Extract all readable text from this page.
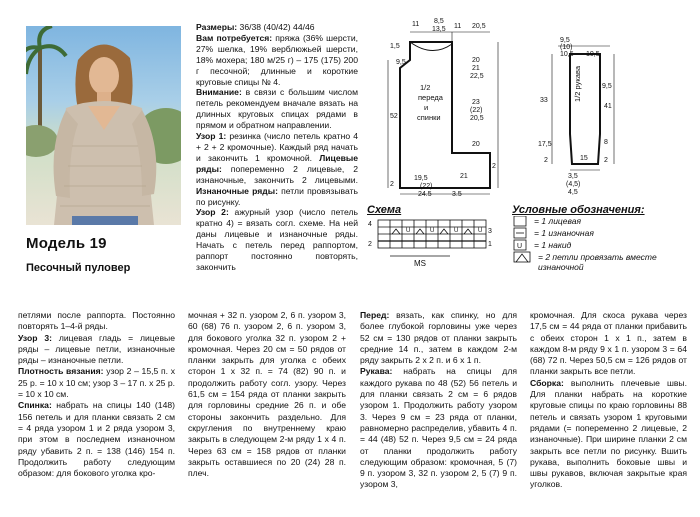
Модель 19
Песочный пуловер
Размеры: 36/38 (40/42) 44/46
Вам потребуется: пряжа (36% шерсти, 27% шелка, 19% верблюжьей шерсти, 18% мохера; 180 м/25 г) – 175 (175) 200 г песочной; длинные и короткие круговые спицы № 4.
Внимание: в связи с большим числом петель рекомендуем вначале вязать на длинных круговых спицах рядами в прямом и обратном направлении.
Узор 1: резинка (число петель кратно 4 + 2 + 2 кромочные). Каждый ряд начать и закончить 1 кромочной. Лицевые ряды: попеременно 2 лицевые, 2 изнаночные, закончить 2 лицевыми. Изнаночные ряды: петли провязывать по рисунку.
Узор 2: ажурный узор (число петель кратно 4) = вязать согл. схеме. На ней даны лицевые и изнаночные ряды. Начать с петель перед раппортом, раппорт постоянно повторять, закончить
11 8,5
13,5 11 20,5
1,5
9,5	20
21
22,5
23
(22)
20,5
20
2
52
1/2
переда
и
спинки
19,5
(22)
24,5
21
3,5
2
9,5
(10)
10,5 10,5
33
17,5
2
9,5
41
8
2
1/2 рукава
15
3,5
(4,5)
4,5
Схема
4
2
3
1
U	U	U	U
MS
Условные обозначения:
U
= 1 лицевая
= 1 изнаночная
= 1 накид
= 2 петли провязать вместе изнаночной
петлями после раппорта. Постоянно повторять 1–4-й ряды.
Узор 3: лицевая гладь = лицевые ряды – лицевые петли, изнаночные ряды – изнаночные петли.
Плотность вязания: узор 2 – 15,5 п. х 25 р. = 10 х 10 см; узор 3 – 17 п. х 25 р. = 10 х 10 см.
Спинка: набрать на спицы 140 (148) 156 петель и для планки связать 2 см = 4 ряда узором 1 и 2 ряда узором 3, при этом в последнем изнаночном ряду убавить 2 п. = 138 (146) 154 п. Продолжить работу следующим образом: для бокового уголка кро-
мочная + 32 п. узором 2, 6 п. узором 3, 60 (68) 76 п. узором 2, 6 п. узором 3, для бокового уголка 32 п. узором 2 + кромочная. Через 20 см = 50 рядов от планки закрыть для уголка с обеих сторон 1 х 32 п. = 74 (82) 90 п. и продолжить работу согл. узору. Через 61,5 см = 154 ряда от планки закрыть для горловины средние 26 п. и обе стороны закончить раздельно. Для скругления по внутреннему краю закрыть в следующем 2-м ряду 1 х 4 п. Через 63 см = 158 рядов от планки закрыть оставшиеся по 20 (24) 28 п. плеч.
Перед: вязать, как спинку, но для более глубокой горловины уже через 52 см = 130 рядов от планки закрыть средние 14 п., затем в каждом 2-м ряду закрыть 2 х 2 п. и 6 х 1 п.
Рукава: набрать на спицы для каждого рукава по 48 (52) 56 петель и для планки связать 2 см = 6 рядов узором 1. Продолжить работу узором 3. Через 9 см = 23 ряда от планки, равномерно распределив, убавить 4 п. = 44 (48) 52 п. Через 9,5 см = 24 ряда от планки продолжить работу следующим образом: кромочная, 5 (7) 9 п. узором 3, 32 п. узором 2, 5 (7) 9 п. узором 3,
кромочная. Для скоса рукава через 17,5 см = 44 ряда от планки прибавить с обеих сторон 1 х 1 п., затем в каждом 8-м ряду 9 х 1 п. узором 3 = 64 (68) 72 п. Через 50,5 см = 126 рядов от планки закрыть все петли.
Сборка: выполнить плечевые швы. Для планки набрать на короткие круговые спицы по краю горловины 88 петель и связать узором 1 круговыми рядами (= попеременно 2 лицевые, 2 изнаночные). При ширине планки 2 см закрыть все петли по рисунку. Вшить рукава, выполнить боковые швы и швы рукавов, включая закрытые края уголков.
